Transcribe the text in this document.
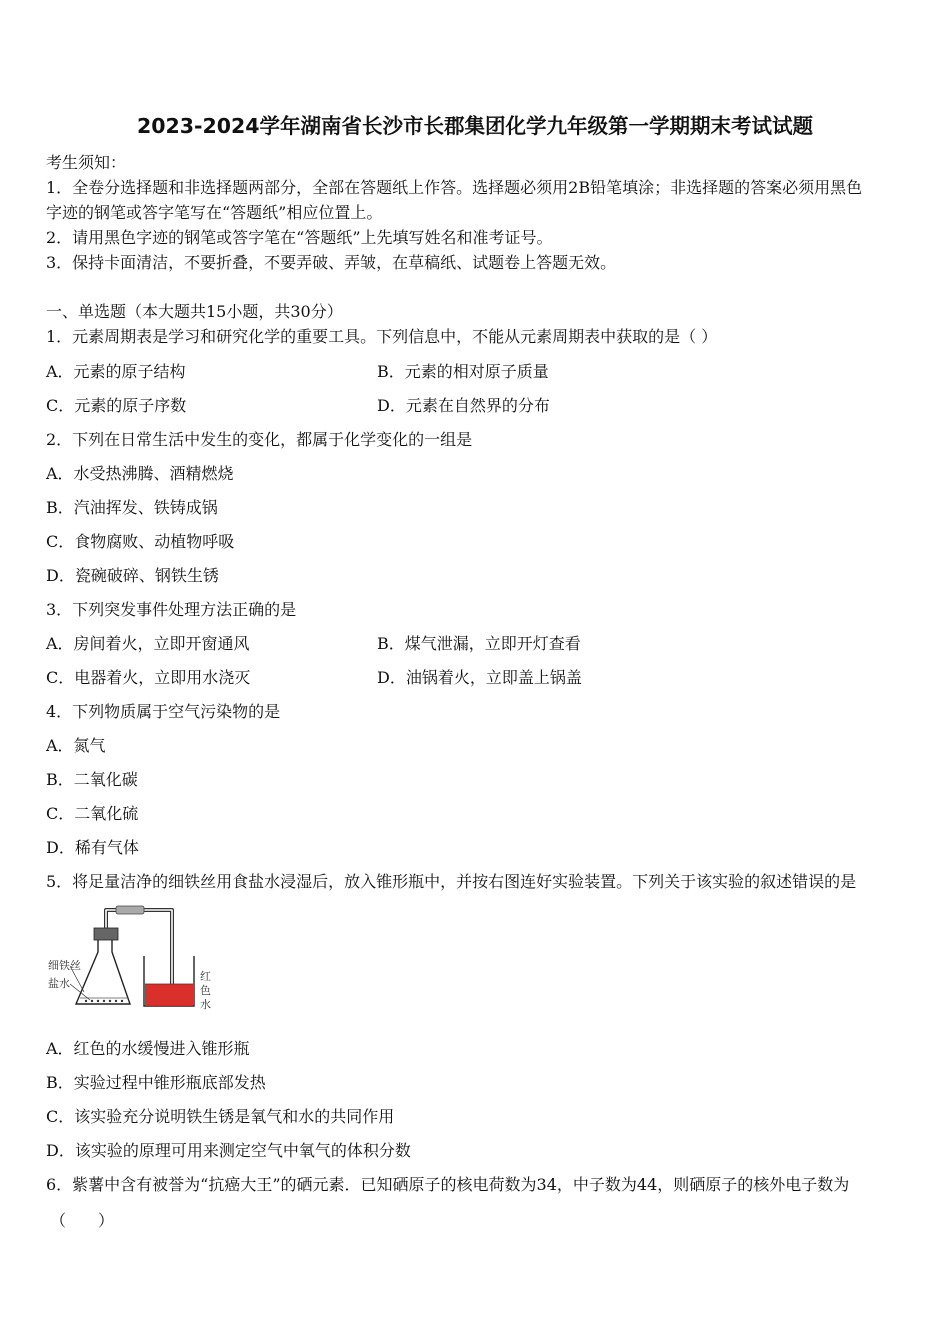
2023-2024学年湖南省长沙市长郡集团化学九年级第一学期期末考试试题
考生须知：
1．全卷分选择题和非选择题两部分，全部在答题纸上作答。选择题必须用2B铅笔填涂；非选择题的答案必须用黑色
字迹的钢笔或答字笔写在“答题纸”相应位置上。
2．请用黑色字迹的钢笔或答字笔在“答题纸”上先填写姓名和准考证号。
3．保持卡面清洁，不要折叠，不要弄破、弄皱，在草稿纸、试题卷上答题无效。
一、单选题（本大题共15小题，共30分）
1．元素周期表是学习和研究化学的重要工具。下列信息中，不能从元素周期表中获取的是（ ）
A．元素的原子结构	B．元素的相对原子质量
C．元素的原子序数	D．元素在自然界的分布
2．下列在日常生活中发生的变化，都属于化学变化的一组是
A．水受热沸腾、酒精燃烧
B．汽油挥发、铁铸成锅
C．食物腐败、动植物呼吸
D．瓷碗破碎、钢铁生锈
3．下列突发事件处理方法正确的是
A．房间着火，立即开窗通风	B．煤气泄漏，立即开灯查看
C．电器着火，立即用水浇灭	D．油锅着火，立即盖上锅盖
4．下列物质属于空气污染物的是
A．氮气
B．二氧化碳
C．二氧化硫
D．稀有气体
5．将足量洁净的细铁丝用食盐水浸湿后，放入锥形瓶中，并按右图连好实验装置。下列关于该实验的叙述错误的是
细铁丝
盐水
红
色
水
A．红色的水缓慢进入锥形瓶
B．实验过程中锥形瓶底部发热
C．该实验充分说明铁生锈是氧气和水的共同作用
D．该实验的原理可用来测定空气中氧气的体积分数
6．紫薯中含有被誉为“抗癌大王”的硒元素．已知硒原子的核电荷数为34，中子数为44，则硒原子的核外电子数为
（　　）
